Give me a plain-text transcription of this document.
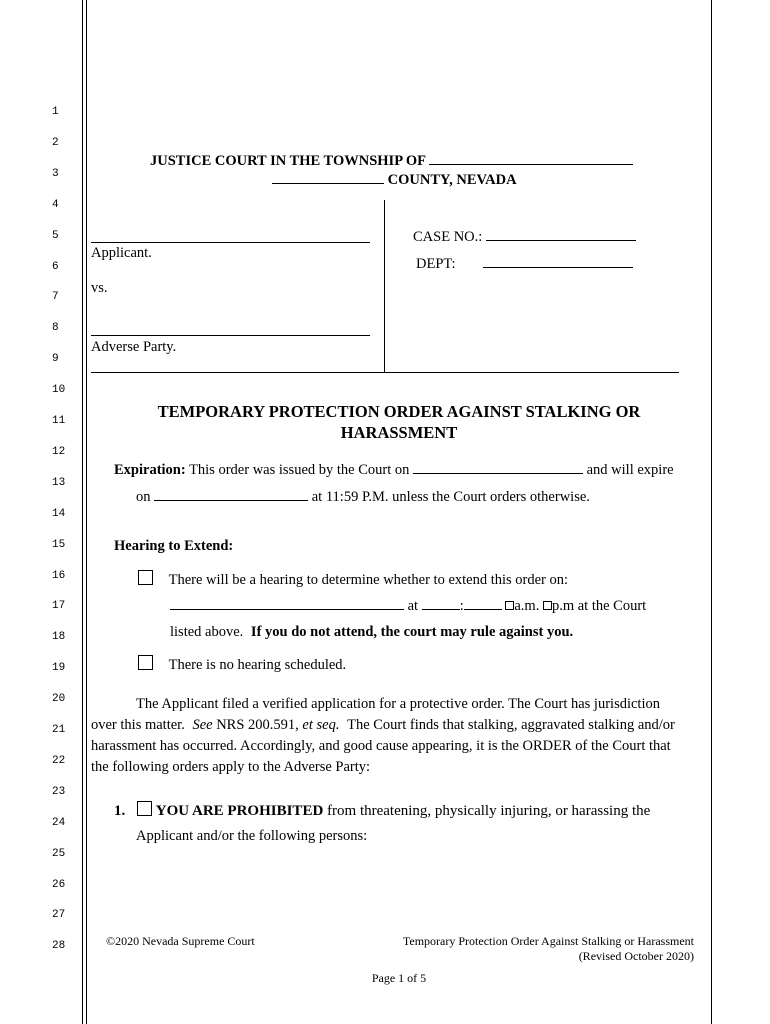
1
2
3
4
5
6
7
8
9
10
11
12
13
14
15
16
17
18
19
20
21
22
23
24
25
26
27
28
JUSTICE COURT IN THE TOWNSHIP OF
COUNTY, NEVADA
Applicant.
vs.
Adverse Party.
CASE NO.:
DEPT:
TEMPORARY PROTECTION ORDER AGAINST STALKING OR
HARASSMENT
Expiration: This order was issued by the Court on	and will expire
on	at 11:59 P.M. unless the Court orders otherwise.
Hearing to Extend:
There will be a hearing to determine whether to extend this order on:
at	:	a.m. p.m at the Court
listed above. If you do not attend, the court may rule against you.
There is no hearing scheduled.
The Applicant filed a verified application for a protective order. The Court has jurisdiction
over this matter. See NRS 200.591, et seq. The Court finds that stalking, aggravated stalking and/or
harassment has occurred. Accordingly, and good cause appearing, it is the ORDER of the Court that
the following orders apply to the Adverse Party:
1. YOU ARE PROHIBITED from threatening, physically injuring, or harassing the
Applicant and/or the following persons:
©2020 Nevada Supreme Court	Temporary Protection Order Against Stalking or Harassment
(Revised October 2020)
Page 1 of 5
